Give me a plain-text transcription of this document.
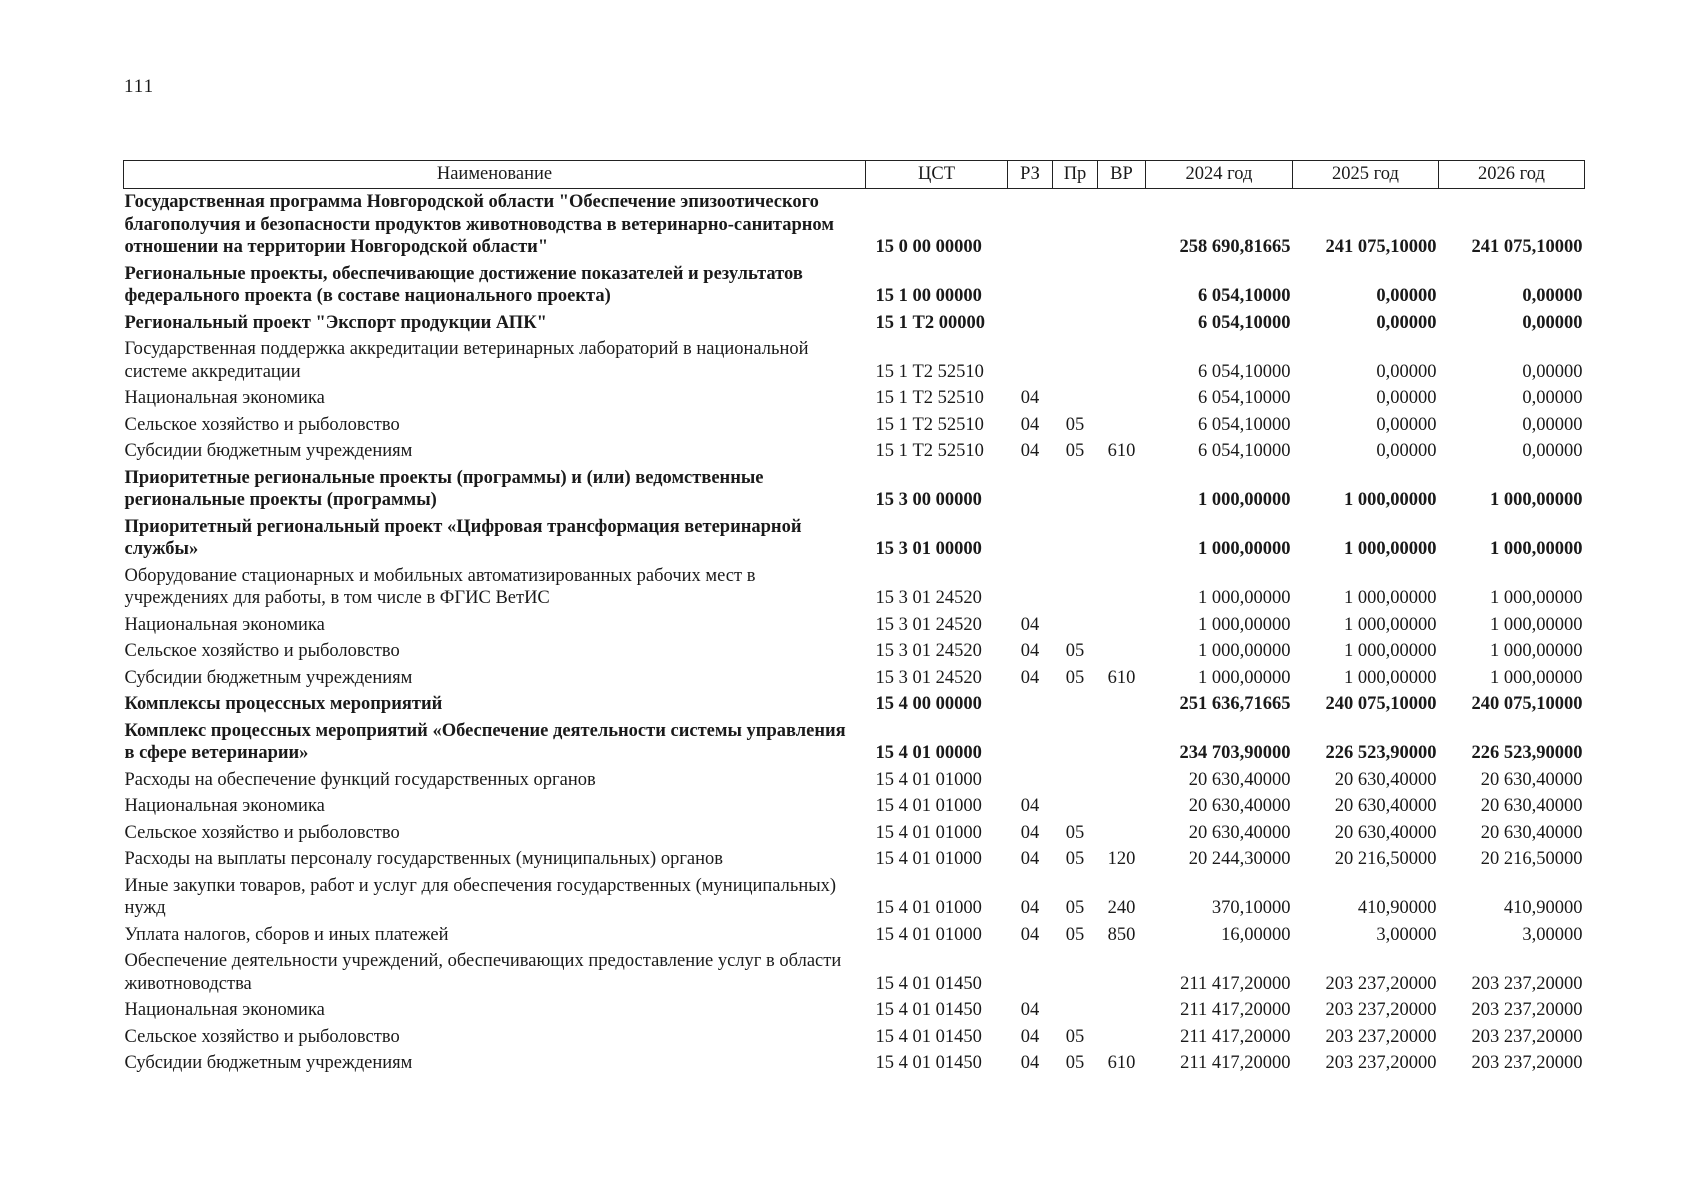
111
Наименование	ЦСТ	РЗ	Пр	ВР	2024 год	2025 год	2026 год
Государственная программа Новгородской области "Обеспечение эпизоотического благополучия и безопасности продуктов животноводства в ветеринарно-санитарном отношении на территории Новгородской области"	15 0 00 00000				258 690,81665	241 075,10000	241 075,10000
Региональные проекты, обеспечивающие достижение показателей и результатов федерального проекта (в составе национального проекта)	15 1 00 00000				6 054,10000	0,00000	0,00000
Региональный проект "Экспорт продукции АПК"	15 1 Т2 00000				6 054,10000	0,00000	0,00000
Государственная поддержка аккредитации ветеринарных лабораторий в национальной системе аккредитации	15 1 Т2 52510				6 054,10000	0,00000	0,00000
Национальная экономика	15 1 Т2 52510	04			6 054,10000	0,00000	0,00000
Сельское хозяйство и рыболовство	15 1 Т2 52510	04	05		6 054,10000	0,00000	0,00000
Субсидии бюджетным учреждениям	15 1 Т2 52510	04	05	610	6 054,10000	0,00000	0,00000
Приоритетные региональные проекты (программы) и (или) ведомственные региональные проекты (программы)	15 3 00 00000				1 000,00000	1 000,00000	1 000,00000
Приоритетный региональный проект «Цифровая трансформация ветеринарной службы»	15 3 01 00000				1 000,00000	1 000,00000	1 000,00000
Оборудование стационарных и мобильных автоматизированных рабочих мест в учреждениях для работы, в том числе в ФГИС ВетИС	15 3 01 24520				1 000,00000	1 000,00000	1 000,00000
Национальная экономика	15 3 01 24520	04			1 000,00000	1 000,00000	1 000,00000
Сельское хозяйство и рыболовство	15 3 01 24520	04	05		1 000,00000	1 000,00000	1 000,00000
Субсидии бюджетным учреждениям	15 3 01 24520	04	05	610	1 000,00000	1 000,00000	1 000,00000
Комплексы процессных мероприятий	15 4 00 00000				251 636,71665	240 075,10000	240 075,10000
Комплекс процессных мероприятий «Обеспечение деятельности системы управления в сфере ветеринарии»	15 4 01 00000				234 703,90000	226 523,90000	226 523,90000
Расходы на обеспечение функций государственных органов	15 4 01 01000				20 630,40000	20 630,40000	20 630,40000
Национальная экономика	15 4 01 01000	04			20 630,40000	20 630,40000	20 630,40000
Сельское хозяйство и рыболовство	15 4 01 01000	04	05		20 630,40000	20 630,40000	20 630,40000
Расходы на выплаты персоналу государственных (муниципальных) органов	15 4 01 01000	04	05	120	20 244,30000	20 216,50000	20 216,50000
Иные закупки товаров, работ и услуг для обеспечения государственных (муниципальных) нужд	15 4 01 01000	04	05	240	370,10000	410,90000	410,90000
Уплата налогов, сборов и иных платежей	15 4 01 01000	04	05	850	16,00000	3,00000	3,00000
Обеспечение деятельности учреждений, обеспечивающих предоставление услуг в области животноводства	15 4 01 01450				211 417,20000	203 237,20000	203 237,20000
Национальная экономика	15 4 01 01450	04			211 417,20000	203 237,20000	203 237,20000
Сельское хозяйство и рыболовство	15 4 01 01450	04	05		211 417,20000	203 237,20000	203 237,20000
Субсидии бюджетным учреждениям	15 4 01 01450	04	05	610	211 417,20000	203 237,20000	203 237,20000
